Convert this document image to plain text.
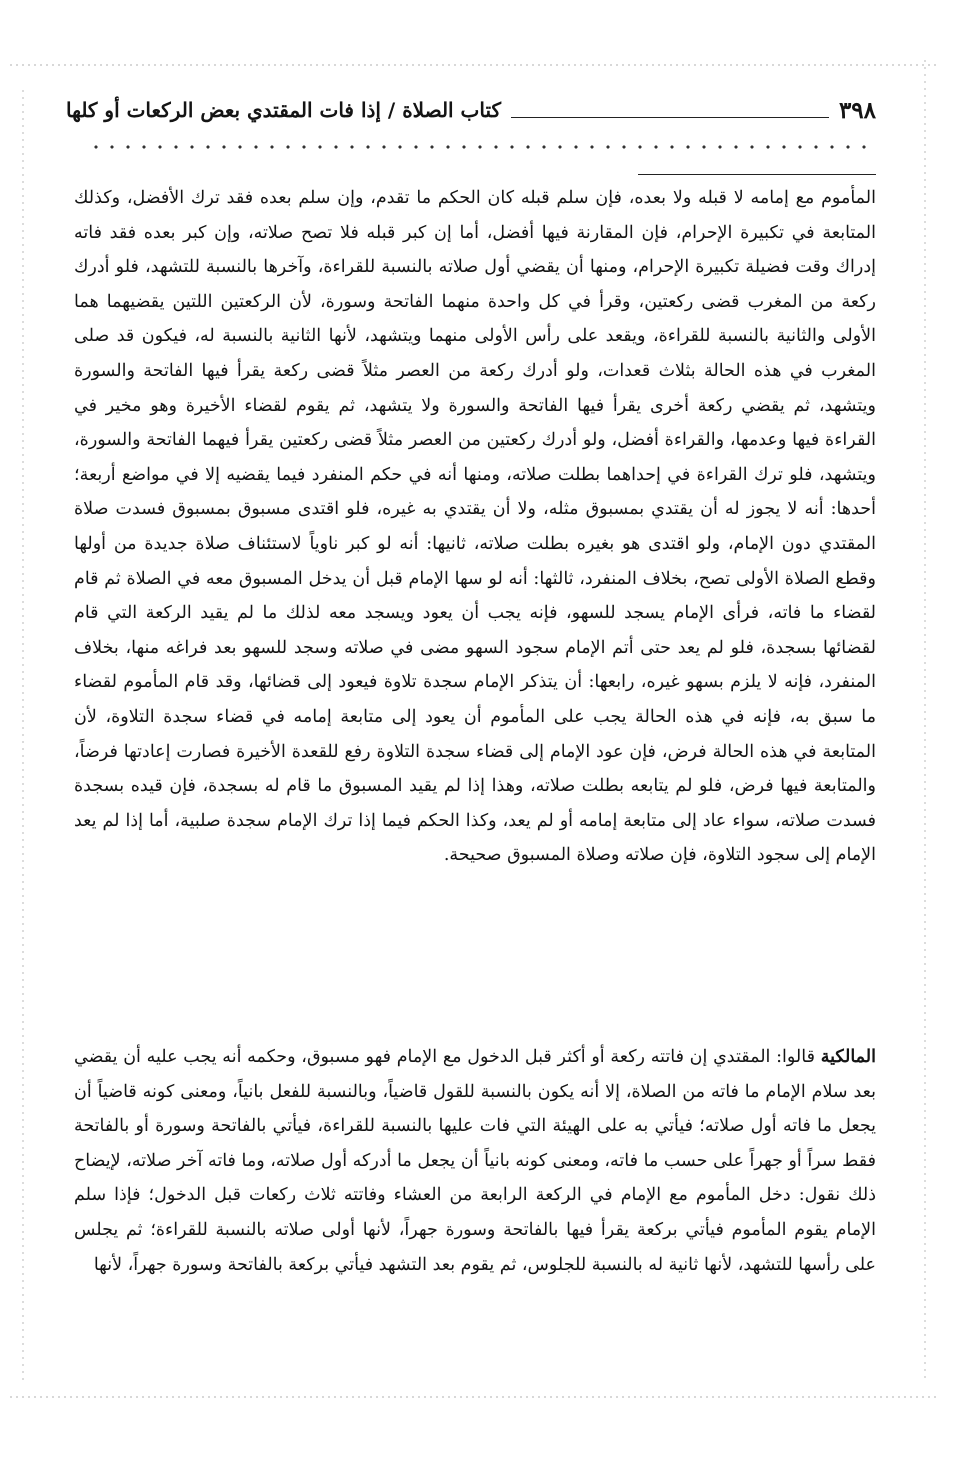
٣٩٨
كتاب الصلاة / إذا فات المقتدي بعض الركعات أو كلها

المأموم مع إمامه لا قبله ولا بعده، فإن سلم قبله كان الحكم ما تقدم، وإن سلم بعده فقد ترك الأفضل، وكذلك المتابعة في تكبيرة الإحرام، فإن المقارنة فيها أفضل، أما إن كبر قبله فلا تصح صلاته، وإن كبر بعده فقد فاته إدراك وقت فضيلة تكبيرة الإحرام، ومنها أن يقضي أول صلاته بالنسبة للقراءة، وآخرها بالنسبة للتشهد، فلو أدرك ركعة من المغرب قضى ركعتين، وقرأ في كل واحدة منهما الفاتحة وسورة، لأن الركعتين اللتين يقضيهما هما الأولى والثانية بالنسبة للقراءة، ويقعد على رأس الأولى منهما ويتشهد، لأنها الثانية بالنسبة له، فيكون قد صلى المغرب في هذه الحالة بثلاث قعدات، ولو أدرك ركعة من العصر مثلاً قضى ركعة يقرأ فيها الفاتحة والسورة ويتشهد، ثم يقضي ركعة أخرى يقرأ فيها الفاتحة والسورة ولا يتشهد، ثم يقوم لقضاء الأخيرة وهو مخير في القراءة فيها وعدمها، والقراءة أفضل، ولو أدرك ركعتين من العصر مثلاً قضى ركعتين يقرأ فيهما الفاتحة والسورة، ويتشهد، فلو ترك القراءة في إحداهما بطلت صلاته، ومنها أنه في حكم المنفرد فيما يقضيه إلا في مواضع أربعة؛ أحدها: أنه لا يجوز له أن يقتدي بمسبوق مثله، ولا أن يقتدي به غيره، فلو اقتدى مسبوق بمسبوق فسدت صلاة المقتدي دون الإمام، ولو اقتدى هو بغيره بطلت صلاته، ثانيها: أنه لو كبر ناوياً لاستئناف صلاة جديدة من أولها وقطع الصلاة الأولى تصح، بخلاف المنفرد، ثالثها: أنه لو سها الإمام قبل أن يدخل المسبوق معه في الصلاة ثم قام لقضاء ما فاته، فرأى الإمام يسجد للسهو، فإنه يجب أن يعود ويسجد معه لذلك ما لم يقيد الركعة التي قام لقضائها بسجدة، فلو لم يعد حتى أتم الإمام سجود السهو مضى في صلاته وسجد للسهو بعد فراغه منها، بخلاف المنفرد، فإنه لا يلزم بسهو غيره، رابعها: أن يتذكر الإمام سجدة تلاوة فيعود إلى قضائها، وقد قام المأموم لقضاء ما سبق به، فإنه في هذه الحالة يجب على المأموم أن يعود إلى متابعة إمامه في قضاء سجدة التلاوة، لأن المتابعة في هذه الحالة فرض، فإن عود الإمام إلى قضاء سجدة التلاوة رفع للقعدة الأخيرة فصارت إعادتها فرضاً، والمتابعة فيها فرض، فلو لم يتابعه بطلت صلاته، وهذا إذا لم يقيد المسبوق ما قام له بسجدة، فإن قيده بسجدة فسدت صلاته، سواء عاد إلى متابعة إمامه أو لم يعد، وكذا الحكم فيما إذا ترك الإمام سجدة صلبية، أما إذا لم يعد الإمام إلى سجود التلاوة، فإن صلاته وصلاة المسبوق صحيحة.

المالكية قالوا: المقتدي إن فاتته ركعة أو أكثر قبل الدخول مع الإمام فهو مسبوق، وحكمه أنه يجب عليه أن يقضي بعد سلام الإمام ما فاته من الصلاة، إلا أنه يكون بالنسبة للقول قاضياً، وبالنسبة للفعل بانياً، ومعنى كونه قاضياً أن يجعل ما فاته أول صلاته؛ فيأتي به على الهيئة التي فات عليها بالنسبة للقراءة، فيأتي بالفاتحة وسورة أو بالفاتحة فقط سراً أو جهراً على حسب ما فاته، ومعنى كونه بانياً أن يجعل ما أدركه أول صلاته، وما فاته آخر صلاته، لإيضاح ذلك نقول: دخل المأموم مع الإمام في الركعة الرابعة من العشاء وفاتته ثلاث ركعات قبل الدخول؛ فإذا سلم الإمام يقوم المأموم فيأتي بركعة يقرأ فيها بالفاتحة وسورة جهراً، لأنها أولى صلاته بالنسبة للقراءة؛ ثم يجلس على رأسها للتشهد، لأنها ثانية له بالنسبة للجلوس، ثم يقوم بعد التشهد فيأتي بركعة بالفاتحة وسورة جهراً، لأنها
